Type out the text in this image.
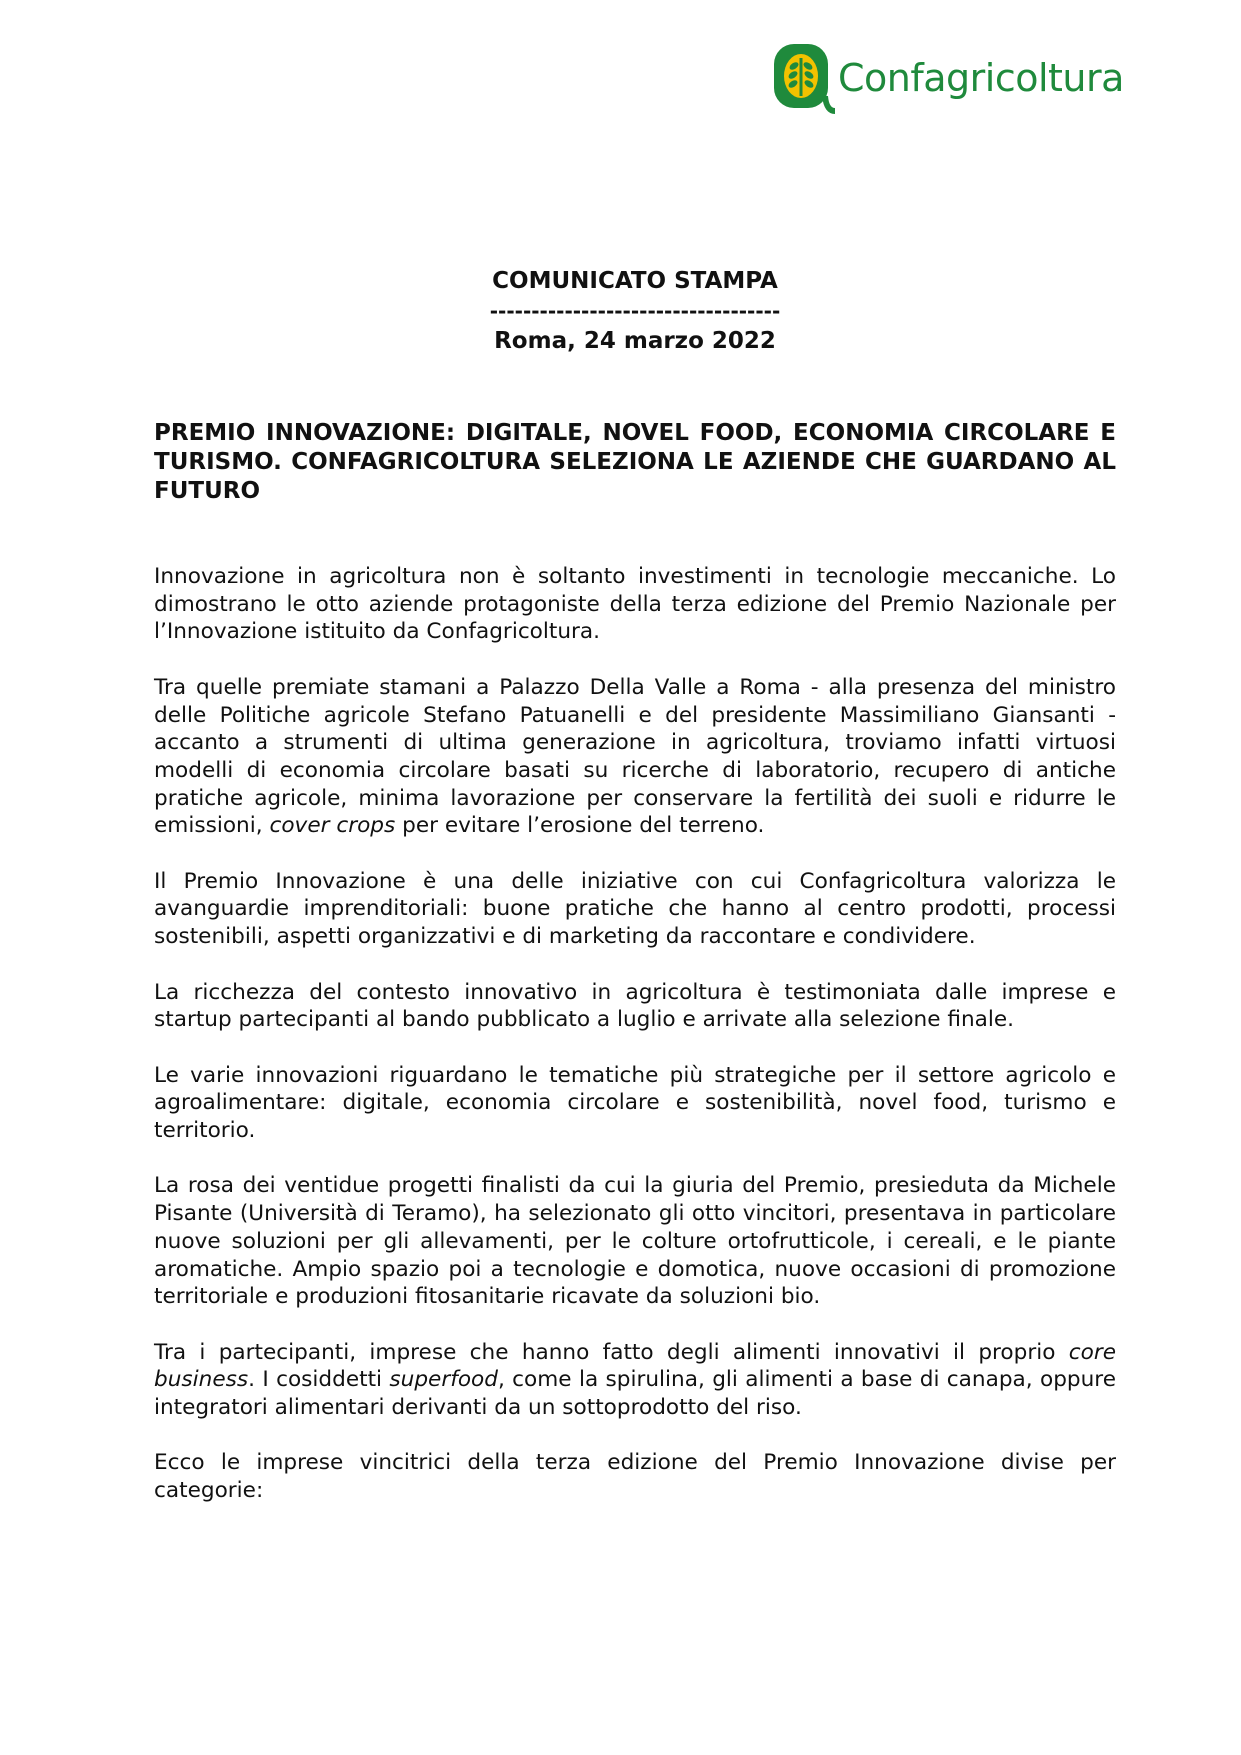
Confagricoltura
COMUNICATO STAMPA
-----------------------------------
Roma, 24 marzo 2022
PREMIO INNOVAZIONE: DIGITALE, NOVEL FOOD, ECONOMIA CIRCOLARE E TURISMO. CONFAGRICOLTURA SELEZIONA LE AZIENDE CHE GUARDANO AL FUTURO

Innovazione in agricoltura non è soltanto investimenti in tecnologie meccaniche. Lo dimostrano le otto aziende protagoniste della terza edizione del Premio Nazionale per l’Innovazione istituito da Confagricoltura.

Tra quelle premiate stamani a Palazzo Della Valle a Roma - alla presenza del ministro delle Politiche agricole Stefano Patuanelli e del presidente Massimiliano Giansanti - accanto a strumenti di ultima generazione in agricoltura, troviamo infatti virtuosi modelli di economia circolare basati su ricerche di laboratorio, recupero di antiche pratiche agricole, minima lavorazione per conservare la fertilità dei suoli e ridurre le emissioni, cover crops per evitare l’erosione del terreno.

Il Premio Innovazione è una delle iniziative con cui Confagricoltura valorizza le avanguardie imprenditoriali: buone pratiche che hanno al centro prodotti, processi sostenibili, aspetti organizzativi e di marketing da raccontare e condividere.

La ricchezza del contesto innovativo in agricoltura è testimoniata dalle imprese e startup partecipanti al bando pubblicato a luglio e arrivate alla selezione finale.

Le varie innovazioni riguardano le tematiche più strategiche per il settore agricolo e agroalimentare: digitale, economia circolare e sostenibilità, novel food, turismo e territorio.

La rosa dei ventidue progetti finalisti da cui la giuria del Premio, presieduta da Michele Pisante (Università di Teramo), ha selezionato gli otto vincitori, presentava in particolare nuove soluzioni per gli allevamenti, per le colture ortofrutticole, i cereali, e le piante aromatiche. Ampio spazio poi a tecnologie e domotica, nuove occasioni di promozione territoriale e produzioni fitosanitarie ricavate da soluzioni bio.

Tra i partecipanti, imprese che hanno fatto degli alimenti innovativi il proprio core business. I cosiddetti superfood, come la spirulina, gli alimenti a base di canapa, oppure integratori alimentari derivanti da un sottoprodotto del riso.

Ecco le imprese vincitrici della terza edizione del Premio Innovazione divise per categorie:
